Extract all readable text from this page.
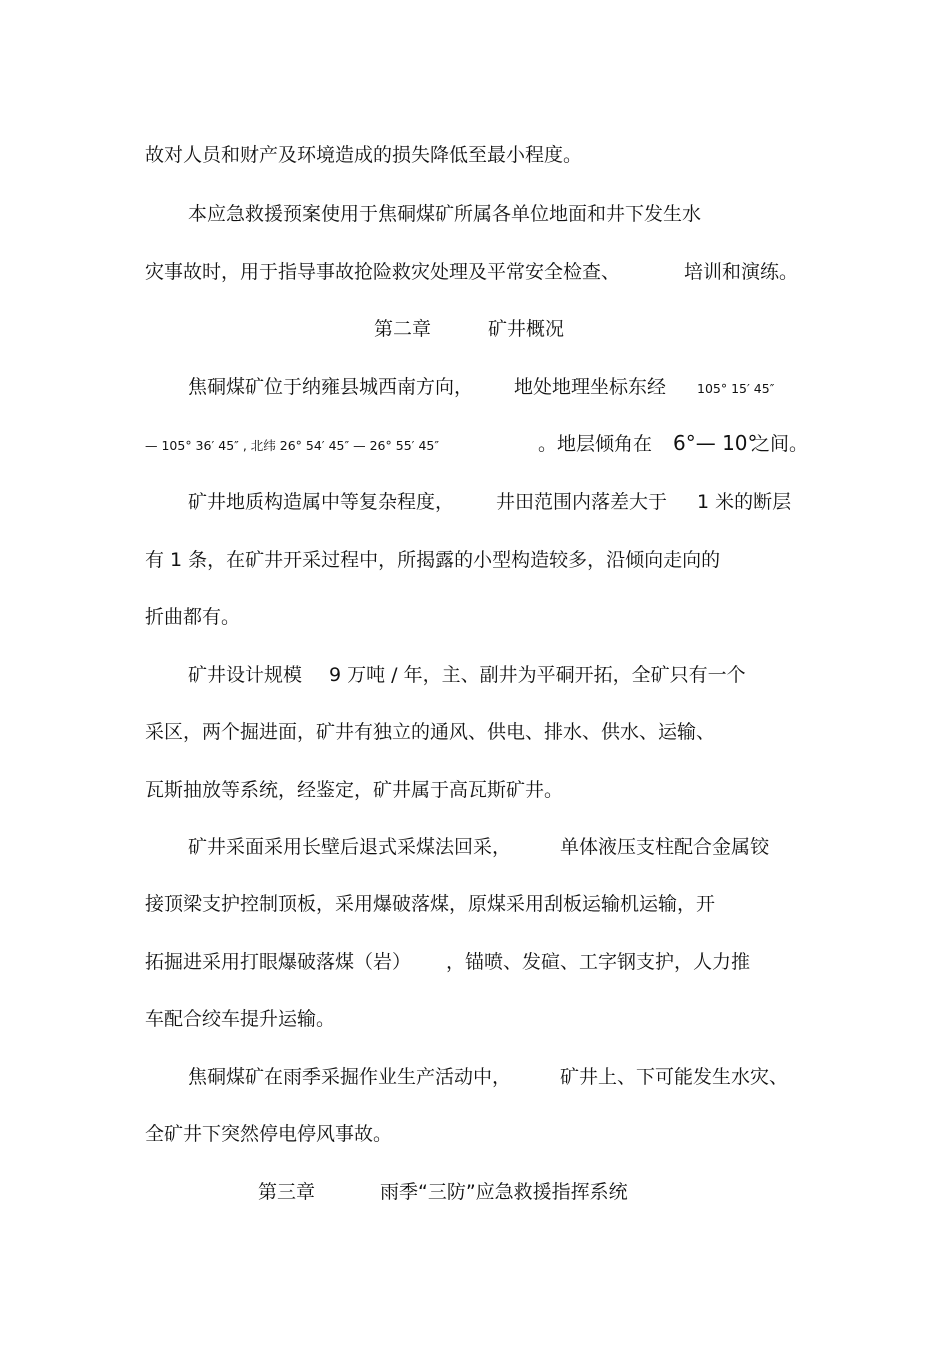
故对人员和财产及环境造成的损失降低至最小程度。
本应急救援预案使用于焦硐煤矿所属各单位地面和井下发生水
灾事故时，用于指导事故抢险救灾处理及平常安全检查、	培训和演练。
第二章	矿井概况
焦硐煤矿位于纳雍县城西南方向， 地处地理坐标东经 105° 15′ 45″
— 105° 36′ 45″ , 北纬 26° 54′ 45″ — 26° 55′ 45″	。地层倾角在 6°— 10°
之间。
矿井地质构造属中等复杂程度， 井田范围内落差大于 1 米的断层
有 1 条，在矿井开采过程中，所揭露的小型构造较多，沿倾向走向的
折曲都有。
矿井设计规模 9 万吨 / 年，主、副井为平硐开拓，全矿只有一个
采区，两个掘进面，矿井有独立的通风、供电、排水、供水、运输、
瓦斯抽放等系统，经鉴定，矿井属于高瓦斯矿井。
矿井采面采用长壁后退式采煤法回采，	单体液压支柱配合金属铰
接顶梁支护控制顶板，采用爆破落煤，原煤采用刮板运输机运输，开
拓掘进采用打眼爆破落煤（岩） ，锚喷、发碹、工字钢支护，人力推
车配合绞车提升运输。
焦硐煤矿在雨季采掘作业生产活动中，	矿井上、下可能发生水灾、
全矿井下突然停电停风事故。
第三章	雨季“三防”应急救援指挥系统
